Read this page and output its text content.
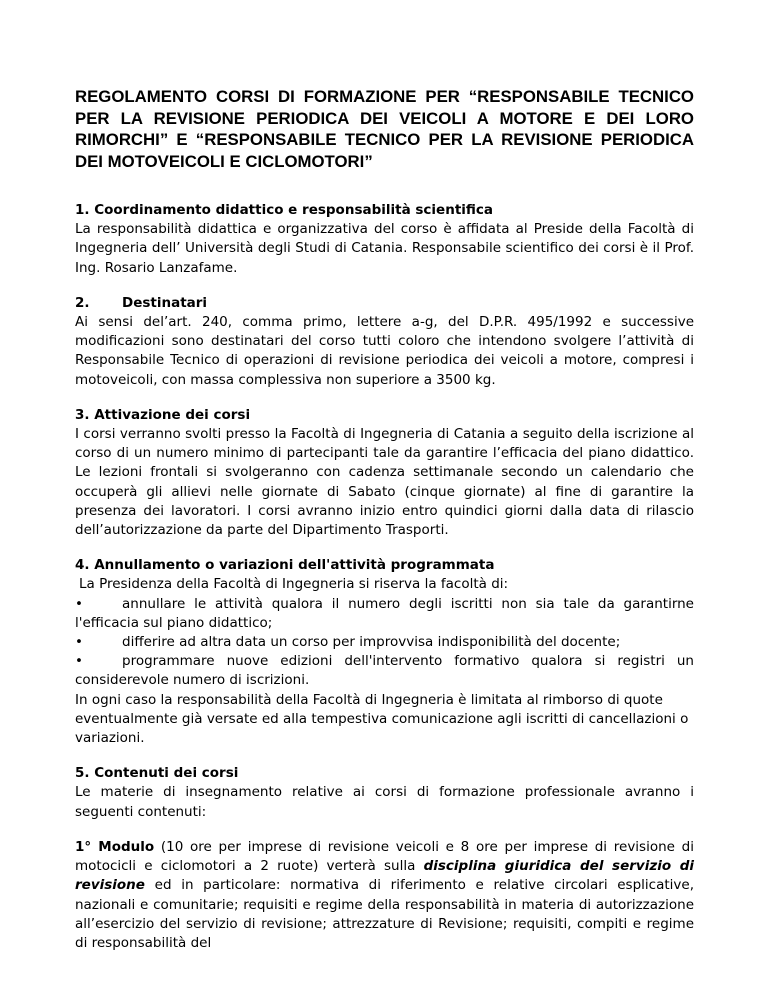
REGOLAMENTO CORSI DI FORMAZIONE PER “RESPONSABILE TECNICO PER LA REVISIONE PERIODICA DEI VEICOLI A MOTORE E DEI LORO RIMORCHI” E “RESPONSABILE TECNICO PER LA REVISIONE PERIODICA DEI MOTOVEICOLI E CICLOMOTORI”
1. Coordinamento didattico e responsabilità scientifica

La responsabilità didattica e organizzativa del corso è affidata al Preside della Facoltà di Ingegneria dell’ Università degli Studi di Catania. Responsabile scientifico dei corsi è il Prof. Ing. Rosario Lanzafame.

2. Destinatari

Ai sensi del’art. 240, comma primo, lettere a-g, del D.P.R. 495/1992 e successive modificazioni sono destinatari del corso tutti coloro che intendono svolgere l’attività di Responsabile Tecnico di operazioni di revisione periodica dei veicoli a motore, compresi i motoveicoli, con massa complessiva non superiore a 3500 kg.

3. Attivazione dei corsi

I corsi verranno svolti presso la Facoltà di Ingegneria di Catania a seguito della iscrizione al corso di un numero minimo di partecipanti tale da garantire l’efficacia del piano didattico. Le lezioni frontali si svolgeranno con cadenza settimanale secondo un calendario che occuperà gli allievi nelle giornate di Sabato (cinque giornate) al fine di garantire la presenza dei lavoratori. I corsi avranno inizio entro quindici giorni dalla data di rilascio dell’autorizzazione da parte del Dipartimento Trasporti.

4. Annullamento o variazioni dell'attività programmata

La Presidenza della Facoltà di Ingegneria si riserva la facoltà di:

•	annullare le attività qualora il numero degli iscritti non sia tale da garantirne l'efficacia sul piano didattico;

•	differire ad altra data un corso per improvvisa indisponibilità del docente;

•	programmare nuove edizioni dell'intervento formativo qualora si registri un considerevole numero di iscrizioni.

In ogni caso la responsabilità della Facoltà di Ingegneria è limitata al rimborso di quote eventualmente già versate ed alla tempestiva comunicazione agli iscritti di cancellazioni o variazioni.

5. Contenuti dei corsi

Le materie di insegnamento relative ai corsi di formazione professionale avranno i seguenti contenuti:

1° Modulo (10 ore per imprese di revisione veicoli e 8 ore per imprese di revisione di motocicli e ciclomotori a 2 ruote) verterà sulla disciplina giuridica del servizio di revisione ed in particolare: normativa di riferimento e relative circolari esplicative, nazionali e comunitarie; requisiti e regime della responsabilità in materia di autorizzazione all’esercizio del servizio di revisione; attrezzature di Revisione; requisiti, compiti e regime di responsabilità del
